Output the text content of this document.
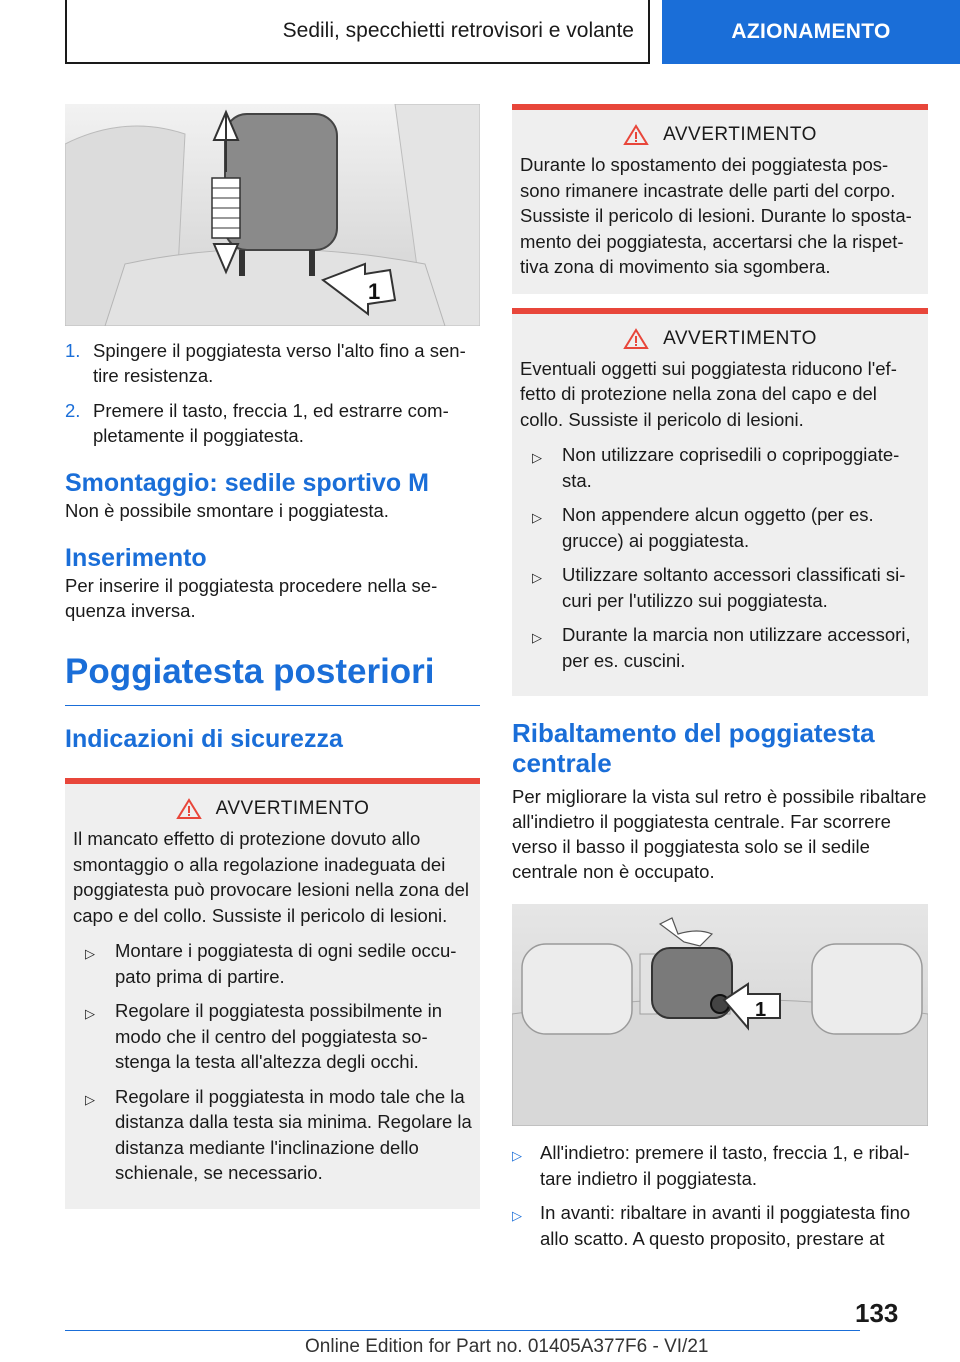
Sedili, specchietti retrovisori e volante	AZIONAMENTO
1
1. Spingere il poggiatesta verso l'alto fino a sentire resistenza.
2. Premere il tasto, freccia 1, ed estrarre completamente il poggiatesta.
Smontaggio: sedile sportivo M

Non è possibile smontare i poggiatesta.

Inserimento

Per inserire il poggiatesta procedere nella sequenza inversa.

Poggiatesta posteriori
Indicazioni di sicurezza
AVVERTIMENTO

Il mancato effetto di protezione dovuto allo smontaggio o alla regolazione inadeguata dei poggiatesta può provocare lesioni nella zona del capo e del collo. Sussiste il pericolo di lesioni.

▷	Montare i poggiatesta di ogni sedile occupato prima di partire.
▷	Regolare il poggiatesta possibilmente in modo che il centro del poggiatesta sostenga la testa all'altezza degli occhi.
▷	Regolare il poggiatesta in modo tale che la distanza dalla testa sia minima. Regolare la distanza mediante l'inclinazione dello schienale, se necessario.
AVVERTIMENTO

Durante lo spostamento dei poggiatesta possono rimanere incastrate delle parti del corpo. Sussiste il pericolo di lesioni. Durante lo spostamento dei poggiatesta, accertarsi che la rispettiva zona di movimento sia sgombera.

AVVERTIMENTO

Eventuali oggetti sui poggiatesta riducono l'effetto di protezione nella zona del capo e del collo. Sussiste il pericolo di lesioni.

▷	Non utilizzare coprisedili o copripoggiatesta.
▷	Non appendere alcun oggetto (per es. grucce) ai poggiatesta.
▷	Utilizzare soltanto accessori classificati sicuri per l'utilizzo sui poggiatesta.
▷	Durante la marcia non utilizzare accessori, per es. cuscini.
Ribaltamento del poggiatesta centrale

Per migliorare la vista sul retro è possibile ribaltare all'indietro il poggiatesta centrale. Far scorrere verso il basso il poggiatesta solo se il sedile centrale non è occupato.

1
▷ All'indietro: premere il tasto, freccia 1, e ribaltare indietro il poggiatesta.
▷ In avanti: ribaltare in avanti il poggiatesta fino allo scatto. A questo proposito, prestare at
133
Online Edition for Part no. 01405A377F6 - VI/21
